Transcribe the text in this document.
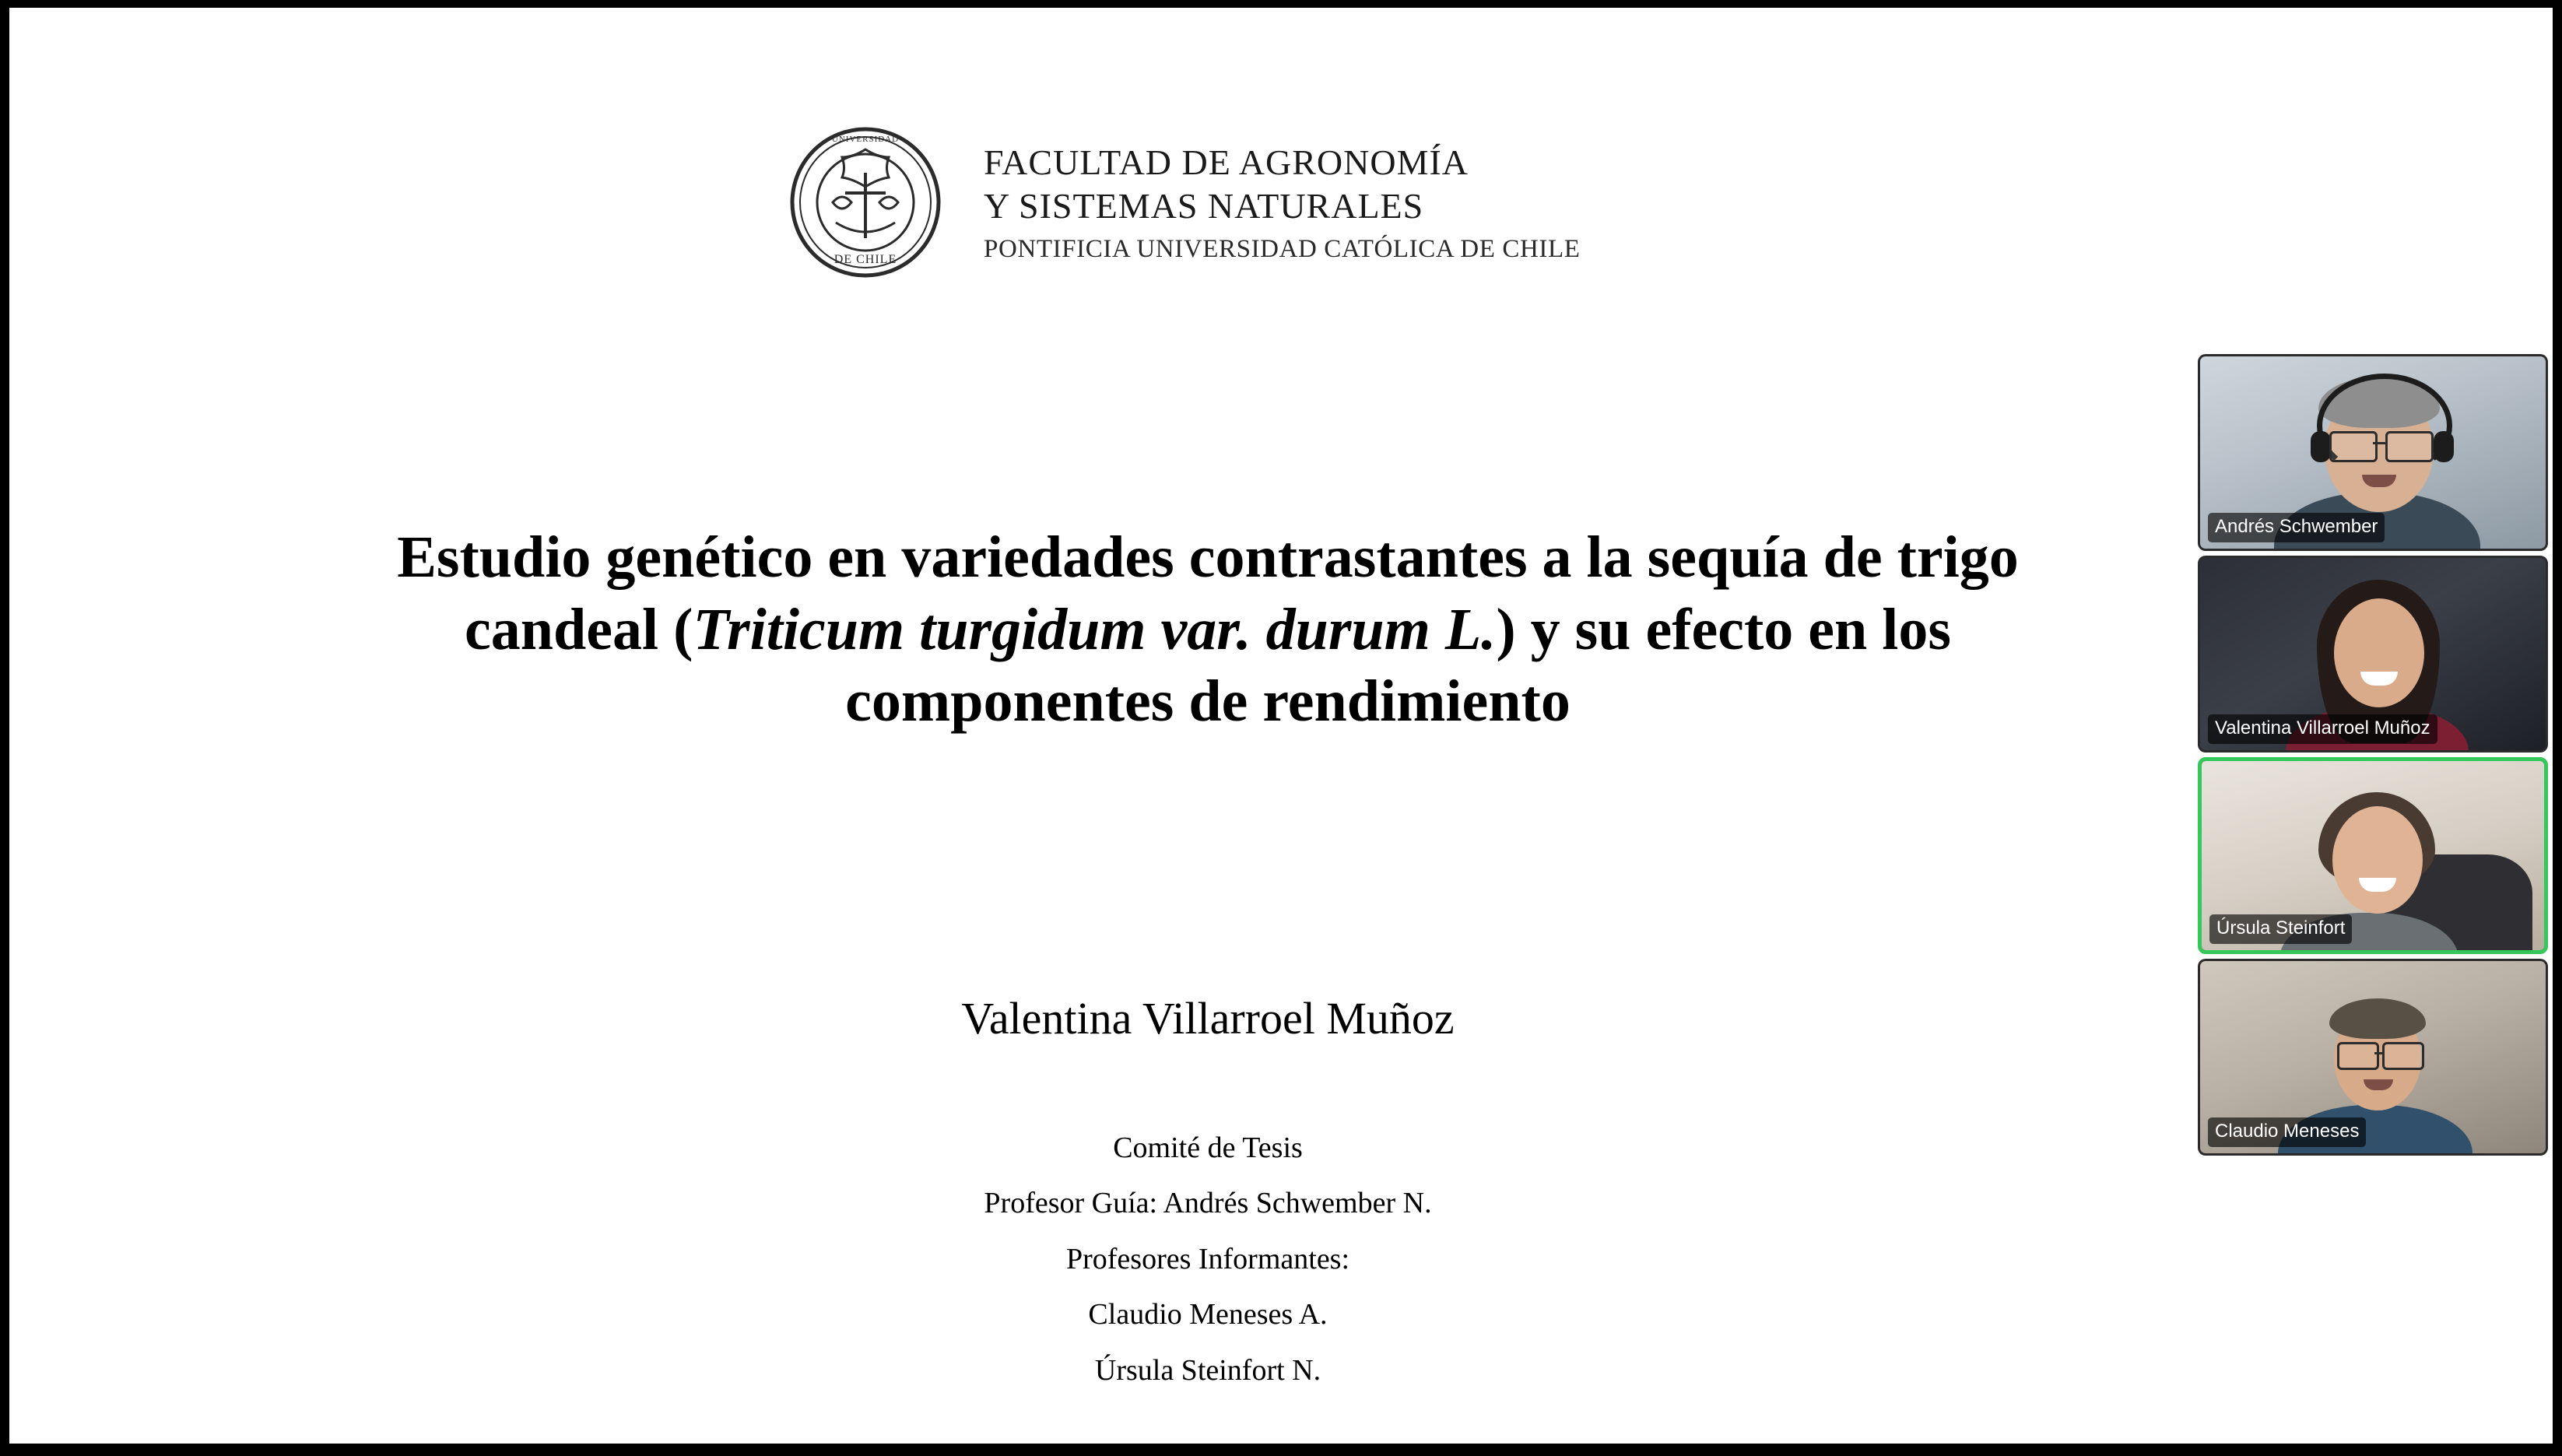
DE CHILE
UNIVERSIDAD
FACULTAD DE AGRONOMÍA
Y SISTEMAS NATURALES
PONTIFICIA UNIVERSIDAD CATÓLICA DE CHILE
Estudio genético en variedades contrastantes a la sequía de trigo candeal (Triticum turgidum var. durum L.) y su efecto en los componentes de rendimiento
Valentina Villarroel Muñoz
Comité de Tesis
Profesor Guía: Andrés Schwember N.
Profesores Informantes:
Claudio Meneses A.
Úrsula Steinfort N.
Andrés Schwember
Valentina Villarroel Muñoz
Úrsula Steinfort
Claudio Meneses
